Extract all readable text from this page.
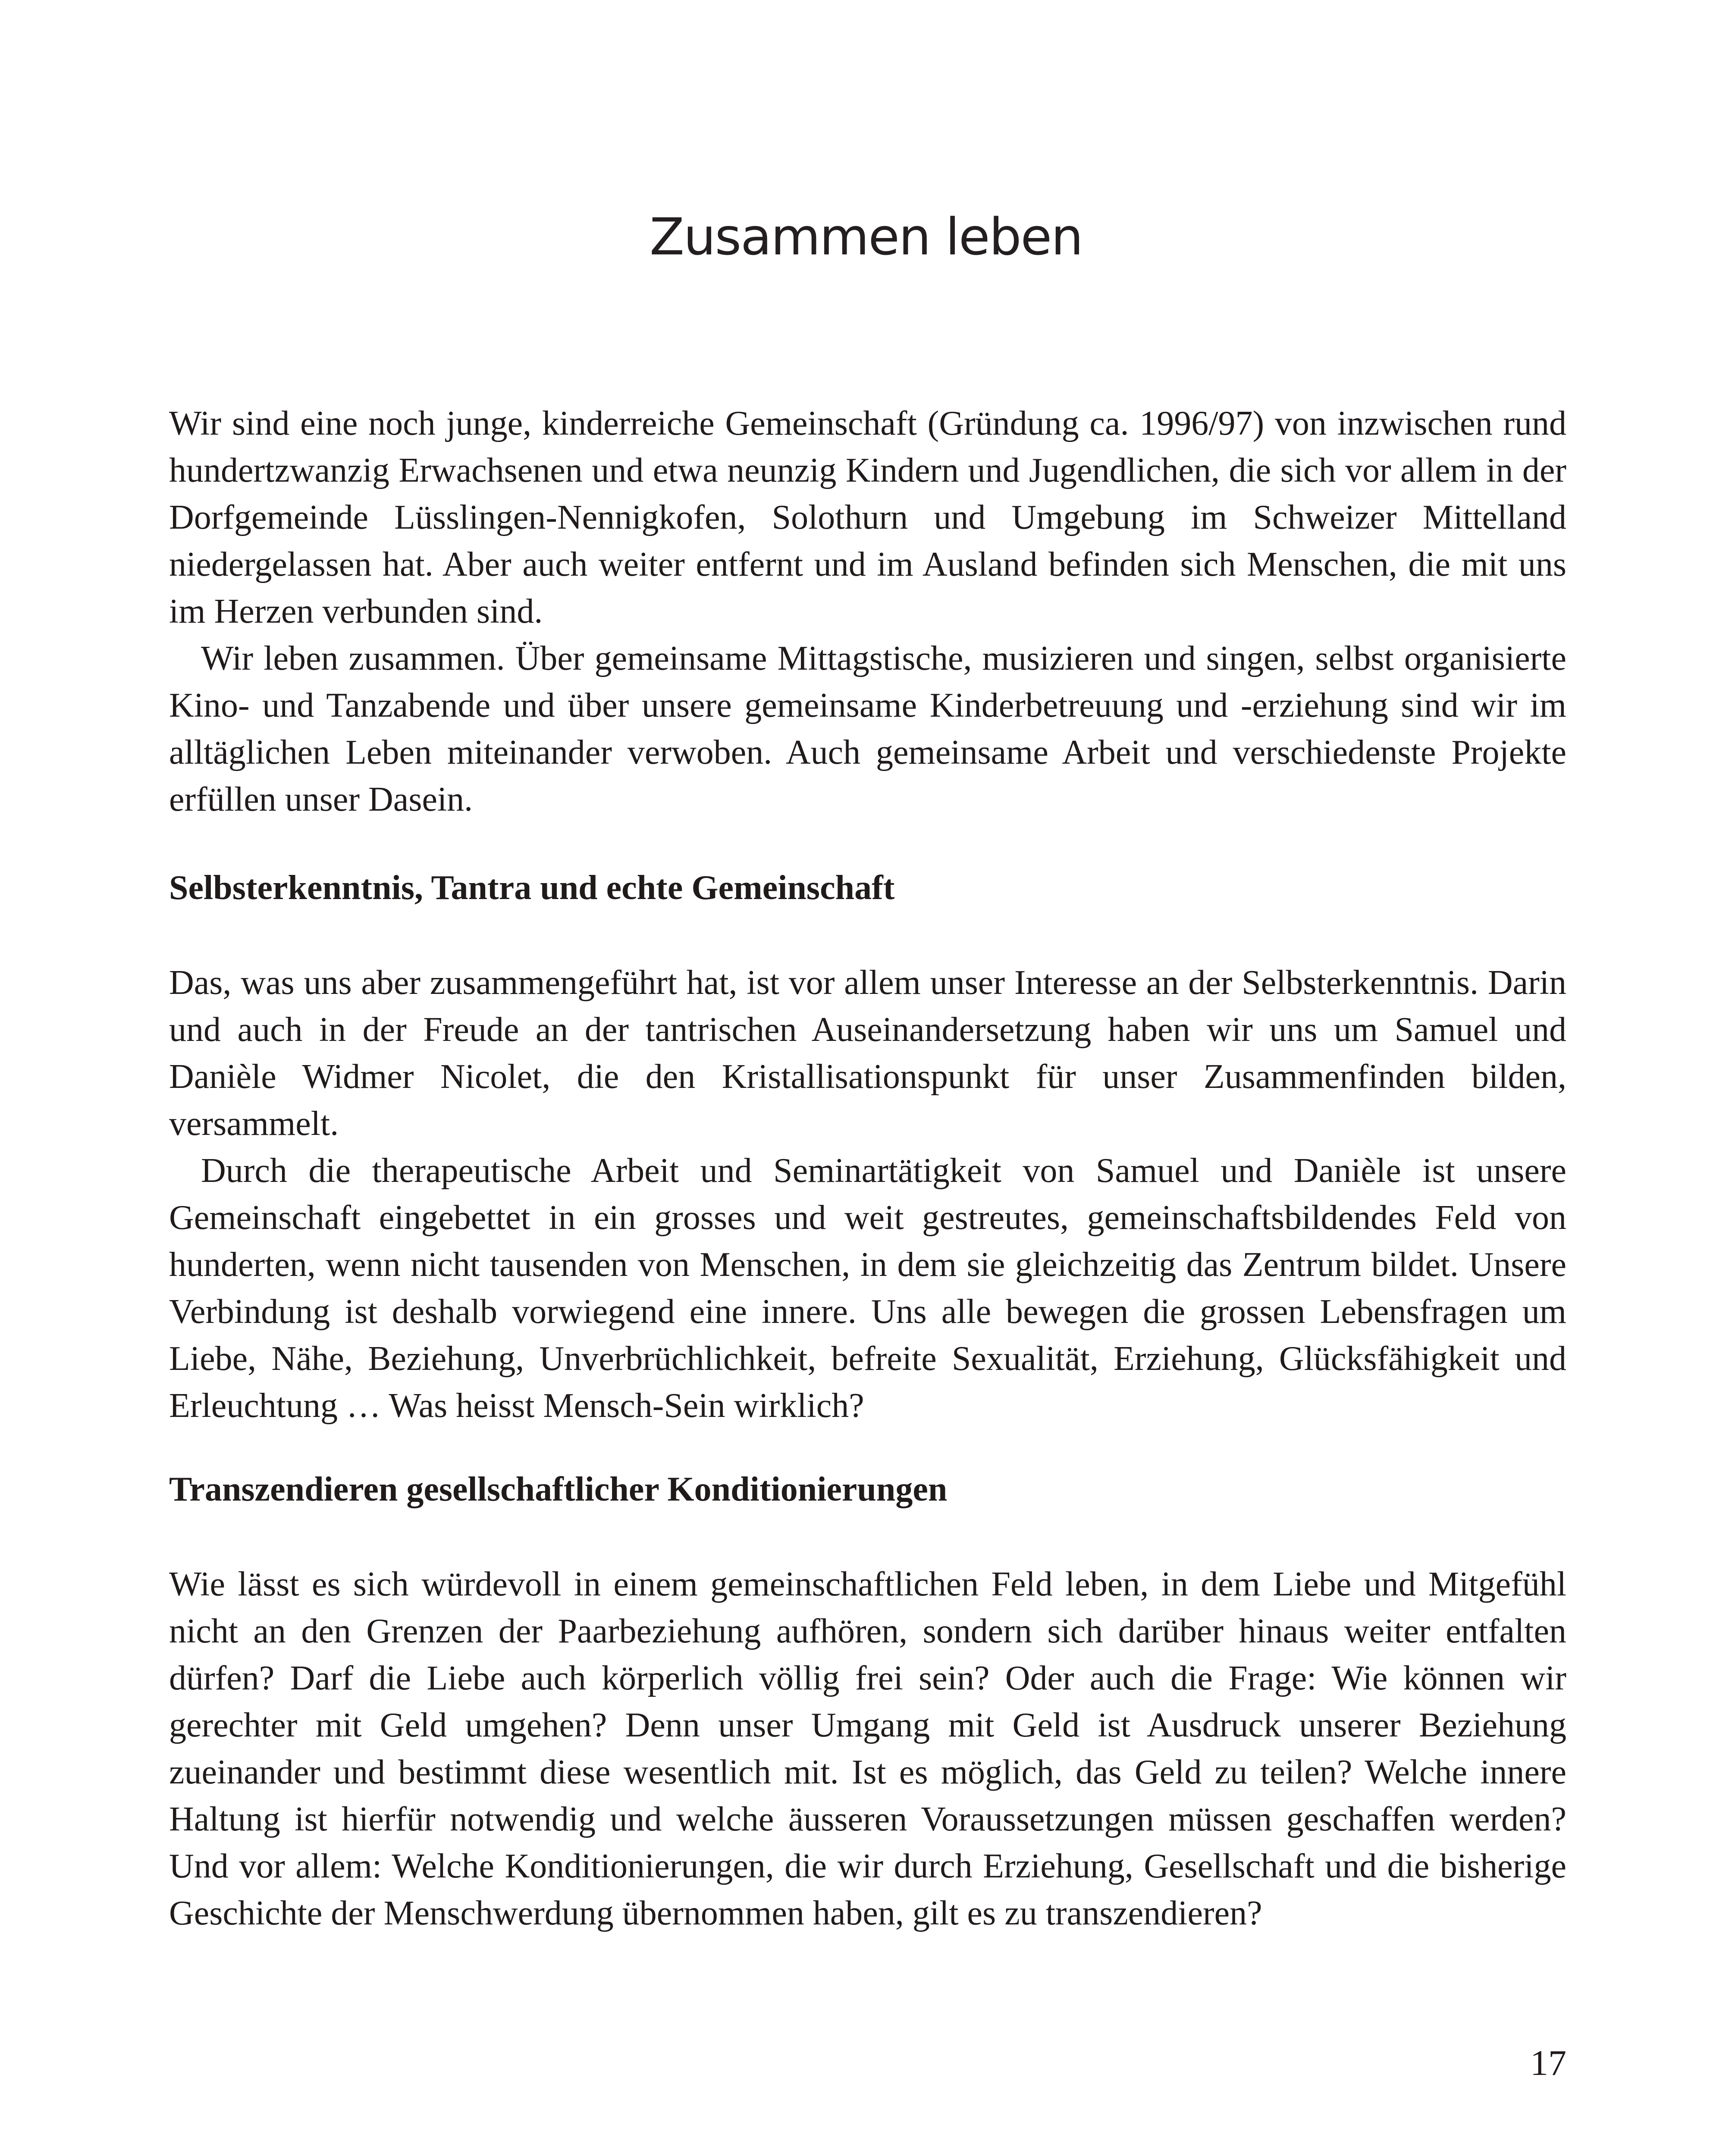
Zusammen leben

Wir sind eine noch junge, kinderreiche Gemeinschaft (Gründung ca. 1996/97) von inzwischen rund hundertzwanzig Erwachsenen und etwa neunzig Kindern und Jugendlichen, die sich vor allem in der Dorfgemeinde Lüsslingen-Nennigkofen, Solothurn und Umgebung im Schweizer Mittelland niedergelassen hat. Aber auch weiter entfernt und im Ausland befinden sich Menschen, die mit uns im Herzen verbunden sind.

Wir leben zusammen. Über gemeinsame Mittagstische, musizieren und singen, selbst organisierte Kino- und Tanzabende und über unsere gemeinsame Kinderbetreuung und -erziehung sind wir im alltäglichen Leben miteinander verwoben. Auch gemeinsame Arbeit und verschiedenste Projekte erfüllen unser Dasein.

Selbsterkenntnis, Tantra und echte Gemeinschaft

Das, was uns aber zusammengeführt hat, ist vor allem unser Interesse an der Selbsterkenntnis. Darin und auch in der Freude an der tantrischen Auseinandersetzung haben wir uns um Samuel und Danièle Widmer Nicolet, die den Kristallisationspunkt für unser Zusammenfinden bilden, versammelt.

Durch die therapeutische Arbeit und Seminartätigkeit von Samuel und Danièle ist unsere Gemeinschaft eingebettet in ein grosses und weit gestreutes, gemeinschaftsbildendes Feld von hunderten, wenn nicht tausenden von Menschen, in dem sie gleichzeitig das Zentrum bildet. Unsere Verbindung ist deshalb vorwiegend eine innere. Uns alle bewegen die grossen Lebensfragen um Liebe, Nähe, Beziehung, Unverbrüchlichkeit, befreite Sexualität, Erziehung, Glücksfähigkeit und Erleuchtung … Was heisst Mensch-Sein wirklich?

Transzendieren gesellschaftlicher Konditionierungen

Wie lässt es sich würdevoll in einem gemeinschaftlichen Feld leben, in dem Liebe und Mitgefühl nicht an den Grenzen der Paarbeziehung aufhören, sondern sich darüber hinaus weiter entfalten dürfen? Darf die Liebe auch körperlich völlig frei sein? Oder auch die Frage: Wie können wir gerechter mit Geld umgehen? Denn unser Umgang mit Geld ist Ausdruck unserer Beziehung zueinander und bestimmt diese wesentlich mit. Ist es möglich, das Geld zu teilen? Welche innere Haltung ist hierfür notwendig und welche äusseren Voraussetzungen müssen geschaffen werden? Und vor allem: Welche Konditionierungen, die wir durch Erziehung, Gesellschaft und die bisherige Geschichte der Menschwerdung übernommen haben, gilt es zu transzendieren?

17
